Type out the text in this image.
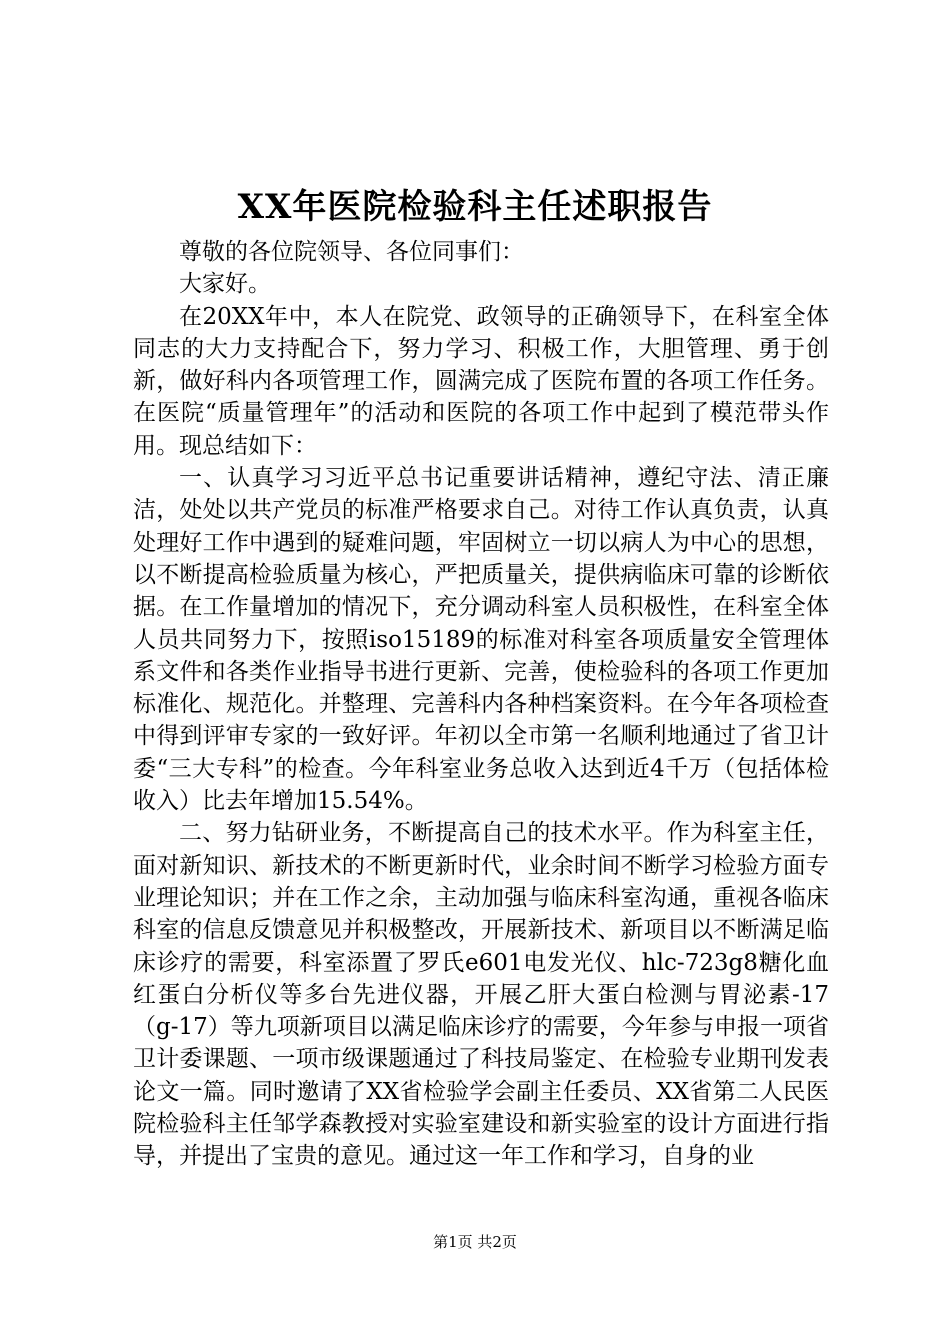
XX年医院检验科主任述职报告

尊敬的各位院领导、各位同事们：

大家好。

在20XX年中，本人在院党、政领导的正确领导下，在科室全体同志的大力支持配合下，努力学习、积极工作，大胆管理、勇于创新，做好科内各项管理工作，圆满完成了医院布置的各项工作任务。在医院“质量管理年”的活动和医院的各项工作中起到了模范带头作用。现总结如下：

一、认真学习习近平总书记重要讲话精神，遵纪守法、清正廉洁，处处以共产党员的标准严格要求自己。对待工作认真负责，认真处理好工作中遇到的疑难问题，牢固树立一切以病人为中心的思想，以不断提高检验质量为核心，严把质量关，提供病临床可靠的诊断依据。在工作量增加的情况下，充分调动科室人员积极性，在科室全体人员共同努力下，按照iso15189的标准对科室各项质量安全管理体系文件和各类作业指导书进行更新、完善，使检验科的各项工作更加标准化、规范化。并整理、完善科内各种档案资料。在今年各项检查中得到评审专家的一致好评。年初以全市第一名顺利地通过了省卫计委“三大专科”的检查。今年科室业务总收入达到近4千万（包括体检收入）比去年增加15.54%。

二、努力钻研业务，不断提高自己的技术水平。作为科室主任，面对新知识、新技术的不断更新时代，业余时间不断学习检验方面专业理论知识；并在工作之余，主动加强与临床科室沟通，重视各临床科室的信息反馈意见并积极整改，开展新技术、新项目以不断满足临床诊疗的需要，科室添置了罗氏e601电发光仪、hlc-723g8糖化血红蛋白分析仪等多台先进仪器，开展乙肝大蛋白检测与胃泌素-17（g-17）等九项新项目以满足临床诊疗的需要，今年参与申报一项省卫计委课题、一项市级课题通过了科技局鉴定、在检验专业期刊发表论文一篇。同时邀请了XX省检验学会副主任委员、XX省第二人民医院检验科主任邹学森教授对实验室建设和新实验室的设计方面进行指导，并提出了宝贵的意见。通过这一年工作和学习，自身的业

第1页 共2页
